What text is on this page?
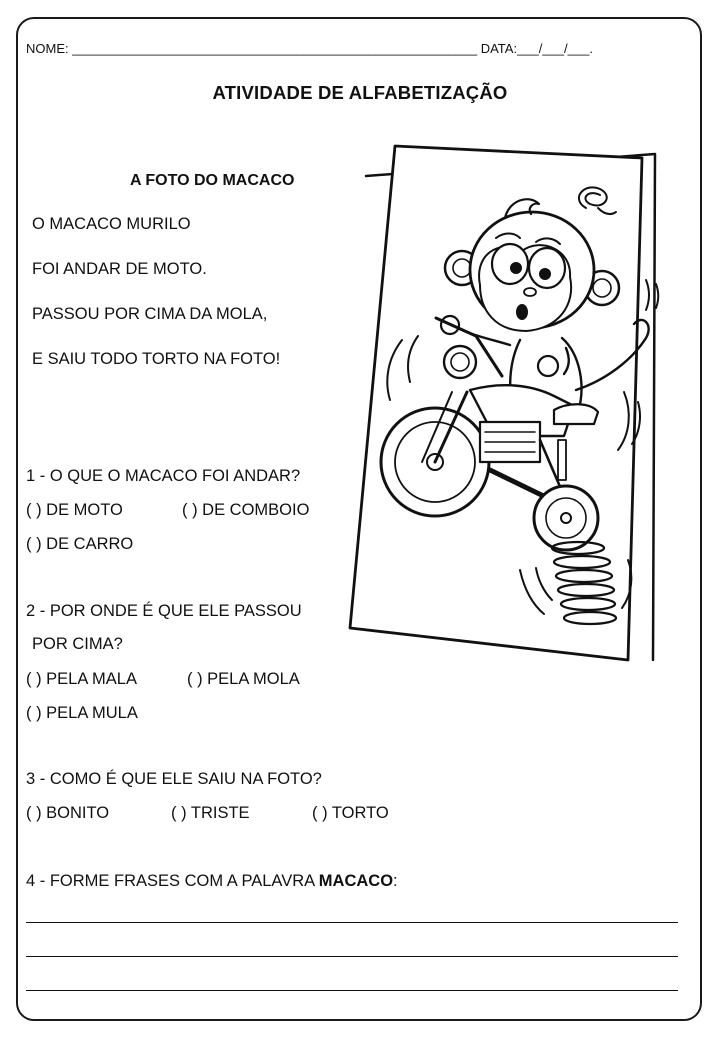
NOME: ________________________________________________________ DATA:___/___/___.
ATIVIDADE DE ALFABETIZAÇÃO
A FOTO DO MACACO
O MACACO MURILO
FOI ANDAR DE MOTO.
PASSOU POR CIMA DA MOLA,
E SAIU TODO TORTO NA FOTO!
1 - O QUE O MACACO FOI ANDAR?
( ) DE MOTO	( ) DE COMBOIO
( ) DE CARRO
2 - POR ONDE É QUE ELE PASSOU
POR CIMA?
( ) PELA MALA	( ) PELA MOLA
( ) PELA MULA
3 - COMO É QUE ELE SAIU NA FOTO?
( ) BONITO	( ) TRISTE	( ) TORTO
4 - FORME FRASES COM A PALAVRA MACACO:
